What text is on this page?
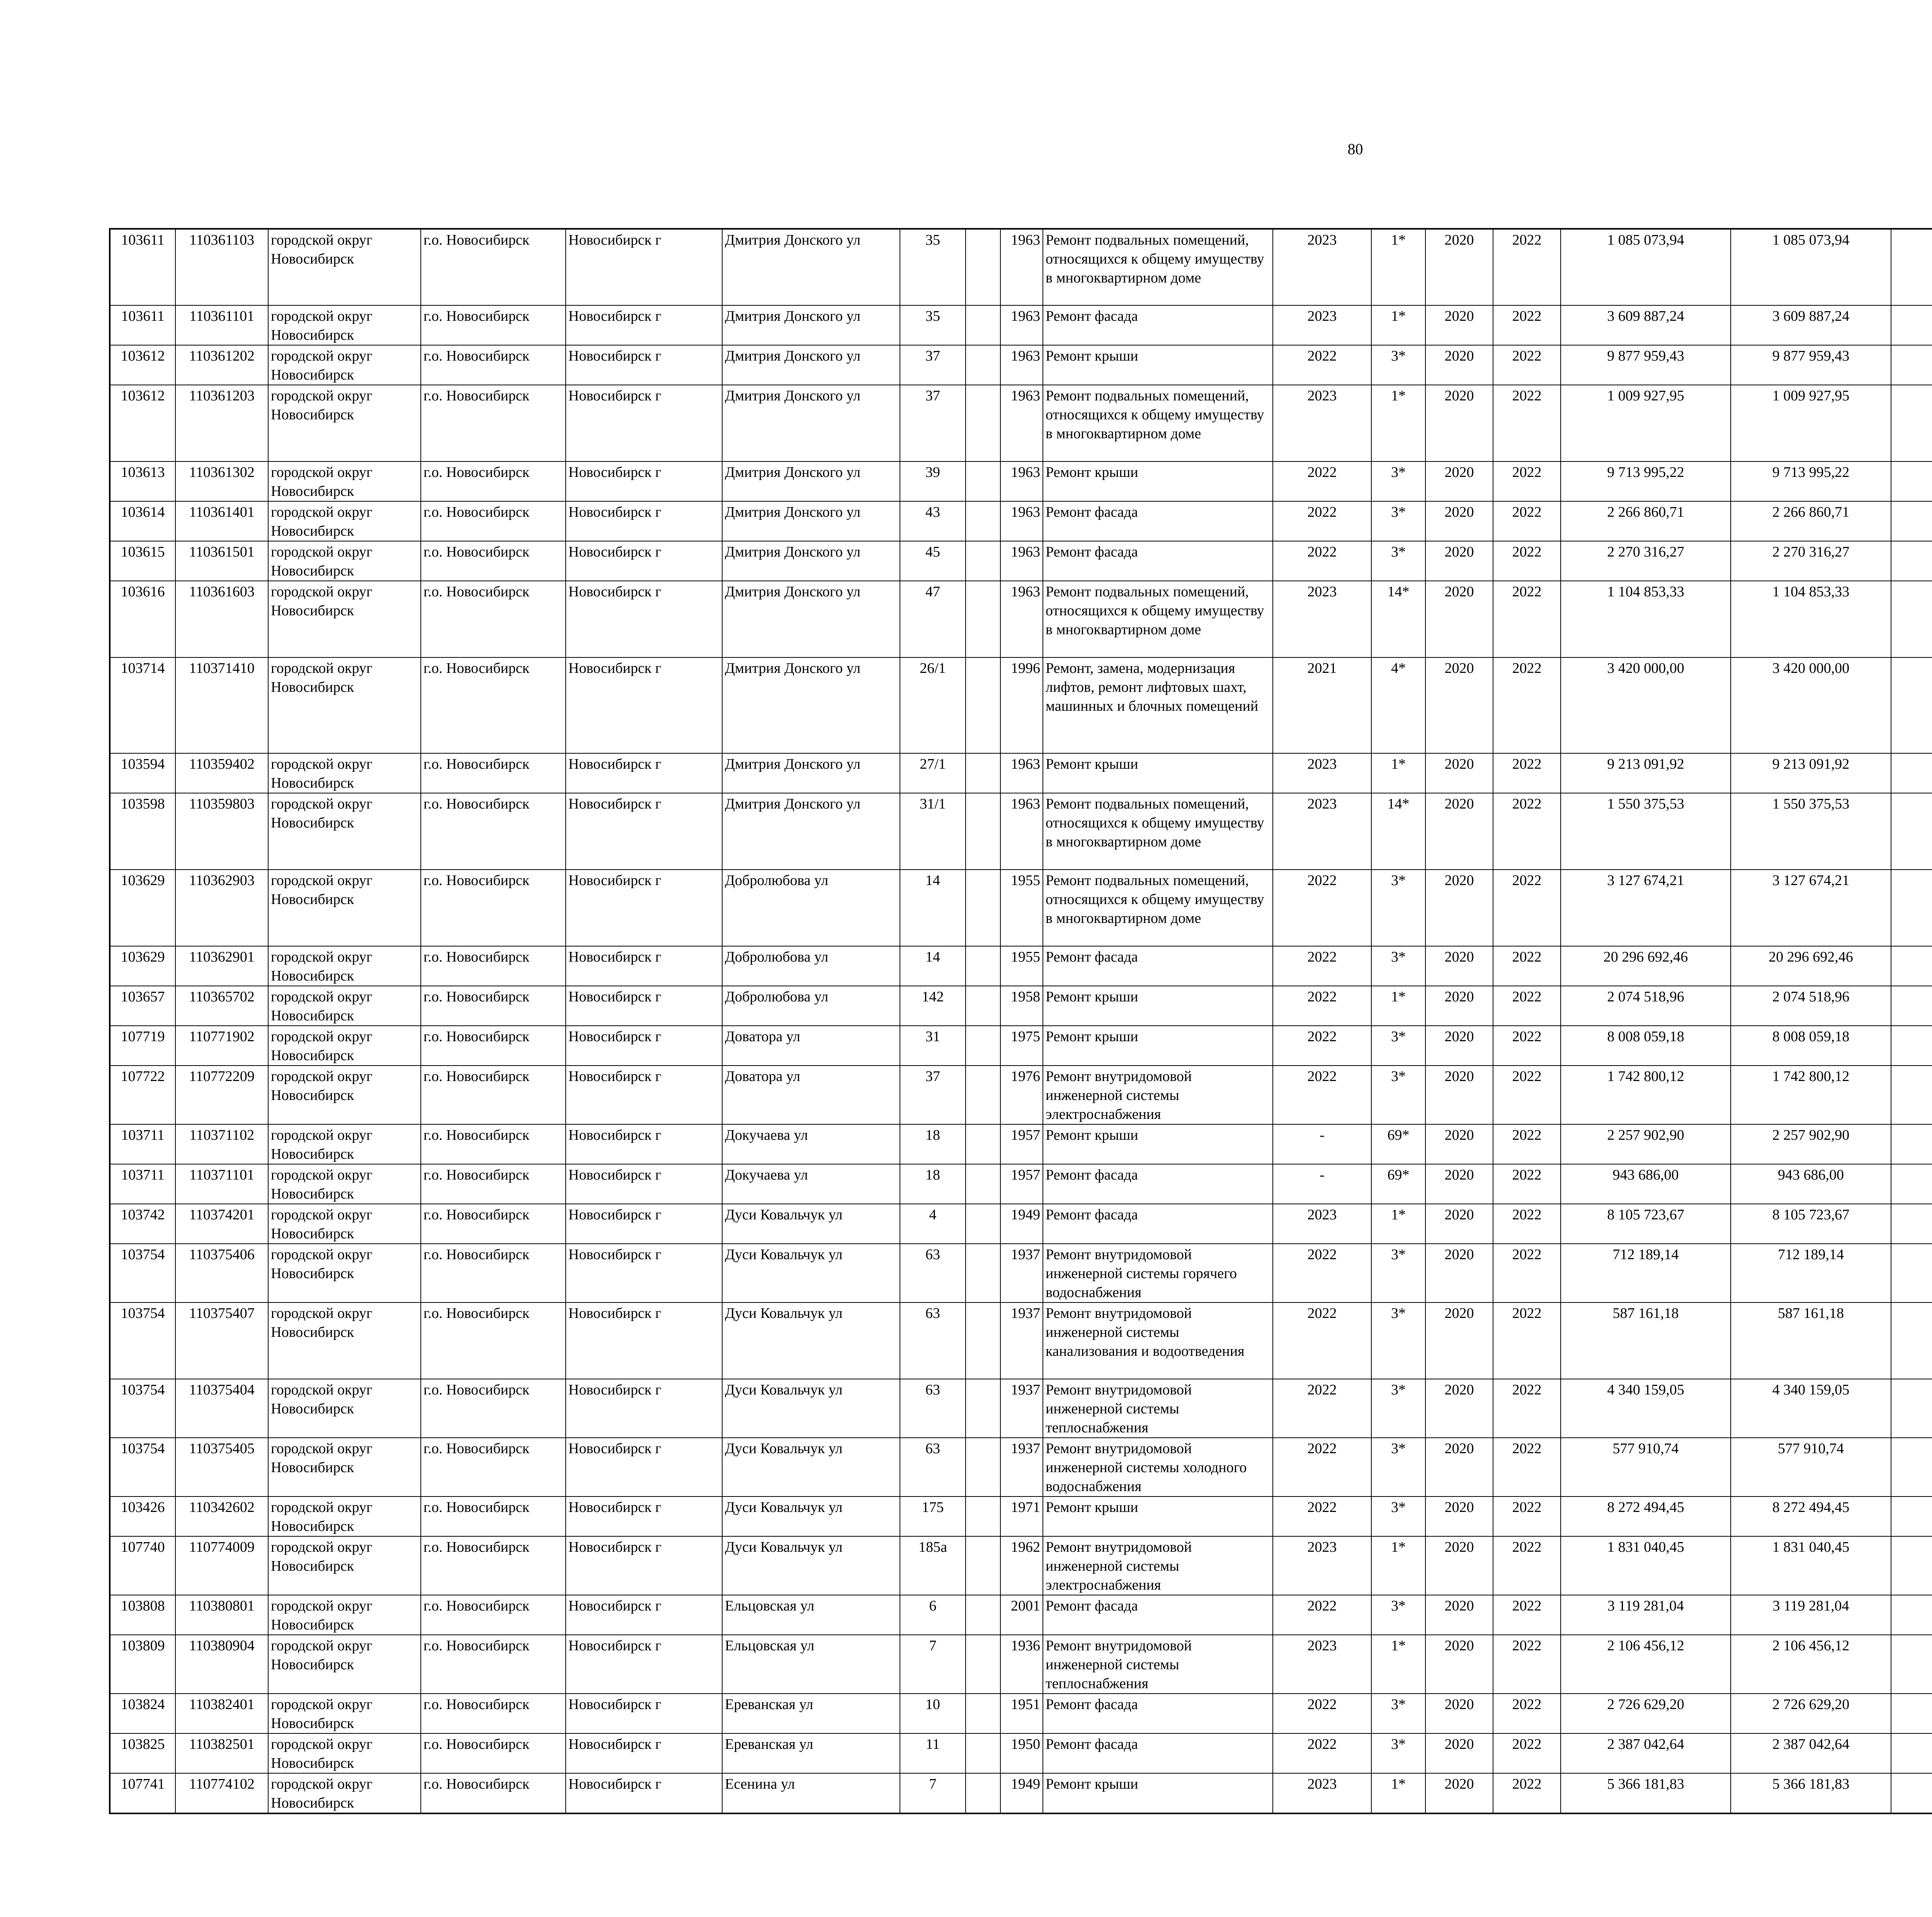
80
103611	110361103	городской округ Новосибирск	г.о. Новосибирск	Новосибирск г	Дмитрия Донского ул	35		1963	Ремонт подвальных помещений, относящихся к общему имуществу в многоквартирном доме	2023	1*	2020	2022	1 085 073,94	1 085 073,94						
103611	110361101	городской округ Новосибирск	г.о. Новосибирск	Новосибирск г	Дмитрия Донского ул	35		1963	Ремонт фасада	2023	1*	2020	2022	3 609 887,24	3 609 887,24						
103612	110361202	городской округ Новосибирск	г.о. Новосибирск	Новосибирск г	Дмитрия Донского ул	37		1963	Ремонт крыши	2022	3*	2020	2022	9 877 959,43	9 877 959,43						
103612	110361203	городской округ Новосибирск	г.о. Новосибирск	Новосибирск г	Дмитрия Донского ул	37		1963	Ремонт подвальных помещений, относящихся к общему имуществу в многоквартирном доме	2023	1*	2020	2022	1 009 927,95	1 009 927,95						
103613	110361302	городской округ Новосибирск	г.о. Новосибирск	Новосибирск г	Дмитрия Донского ул	39		1963	Ремонт крыши	2022	3*	2020	2022	9 713 995,22	9 713 995,22						
103614	110361401	городской округ Новосибирск	г.о. Новосибирск	Новосибирск г	Дмитрия Донского ул	43		1963	Ремонт фасада	2022	3*	2020	2022	2 266 860,71	2 266 860,71						
103615	110361501	городской округ Новосибирск	г.о. Новосибирск	Новосибирск г	Дмитрия Донского ул	45		1963	Ремонт фасада	2022	3*	2020	2022	2 270 316,27	2 270 316,27						
103616	110361603	городской округ Новосибирск	г.о. Новосибирск	Новосибирск г	Дмитрия Донского ул	47		1963	Ремонт подвальных помещений, относящихся к общему имуществу в многоквартирном доме	2023	14*	2020	2022	1 104 853,33	1 104 853,33						
103714	110371410	городской округ Новосибирск	г.о. Новосибирск	Новосибирск г	Дмитрия Донского ул	26/1		1996	Ремонт, замена, модернизация лифтов, ремонт лифтовых шахт, машинных и блочных помещений	2021	4*	2020	2022	3 420 000,00	3 420 000,00						
103594	110359402	городской округ Новосибирск	г.о. Новосибирск	Новосибирск г	Дмитрия Донского ул	27/1		1963	Ремонт крыши	2023	1*	2020	2022	9 213 091,92	9 213 091,92						
103598	110359803	городской округ Новосибирск	г.о. Новосибирск	Новосибирск г	Дмитрия Донского ул	31/1		1963	Ремонт подвальных помещений, относящихся к общему имуществу в многоквартирном доме	2023	14*	2020	2022	1 550 375,53	1 550 375,53						
103629	110362903	городской округ Новосибирск	г.о. Новосибирск	Новосибирск г	Добролюбова ул	14		1955	Ремонт подвальных помещений, относящихся к общему имуществу в многоквартирном доме	2022	3*	2020	2022	3 127 674,21	3 127 674,21						
103629	110362901	городской округ Новосибирск	г.о. Новосибирск	Новосибирск г	Добролюбова ул	14		1955	Ремонт фасада	2022	3*	2020	2022	20 296 692,46	20 296 692,46						
103657	110365702	городской округ Новосибирск	г.о. Новосибирск	Новосибирск г	Добролюбова ул	142		1958	Ремонт крыши	2022	1*	2020	2022	2 074 518,96	2 074 518,96						
107719	110771902	городской округ Новосибирск	г.о. Новосибирск	Новосибирск г	Доватора ул	31		1975	Ремонт крыши	2022	3*	2020	2022	8 008 059,18	8 008 059,18						
107722	110772209	городской округ Новосибирск	г.о. Новосибирск	Новосибирск г	Доватора ул	37		1976	Ремонт внутридомовой инженерной системы электроснабжения	2022	3*	2020	2022	1 742 800,12	1 742 800,12						
103711	110371102	городской округ Новосибирск	г.о. Новосибирск	Новосибирск г	Докучаева ул	18		1957	Ремонт крыши	-	69*	2020	2022	2 257 902,90	2 257 902,90						
103711	110371101	городской округ Новосибирск	г.о. Новосибирск	Новосибирск г	Докучаева ул	18		1957	Ремонт фасада	-	69*	2020	2022	943 686,00	943 686,00						
103742	110374201	городской округ Новосибирск	г.о. Новосибирск	Новосибирск г	Дуси Ковальчук ул	4		1949	Ремонт фасада	2023	1*	2020	2022	8 105 723,67	8 105 723,67						
103754	110375406	городской округ Новосибирск	г.о. Новосибирск	Новосибирск г	Дуси Ковальчук ул	63		1937	Ремонт внутридомовой инженерной системы горячего водоснабжения	2022	3*	2020	2022	712 189,14	712 189,14						
103754	110375407	городской округ Новосибирск	г.о. Новосибирск	Новосибирск г	Дуси Ковальчук ул	63		1937	Ремонт внутридомовой инженерной системы канализования и водоотведения	2022	3*	2020	2022	587 161,18	587 161,18						
103754	110375404	городской округ Новосибирск	г.о. Новосибирск	Новосибирск г	Дуси Ковальчук ул	63		1937	Ремонт внутридомовой инженерной системы теплоснабжения	2022	3*	2020	2022	4 340 159,05	4 340 159,05						
103754	110375405	городской округ Новосибирск	г.о. Новосибирск	Новосибирск г	Дуси Ковальчук ул	63		1937	Ремонт внутридомовой инженерной системы холодного водоснабжения	2022	3*	2020	2022	577 910,74	577 910,74						
103426	110342602	городской округ Новосибирск	г.о. Новосибирск	Новосибирск г	Дуси Ковальчук ул	175		1971	Ремонт крыши	2022	3*	2020	2022	8 272 494,45	8 272 494,45						
107740	110774009	городской округ Новосибирск	г.о. Новосибирск	Новосибирск г	Дуси Ковальчук ул	185а		1962	Ремонт внутридомовой инженерной системы электроснабжения	2023	1*	2020	2022	1 831 040,45	1 831 040,45						
103808	110380801	городской округ Новосибирск	г.о. Новосибирск	Новосибирск г	Ельцовская ул	6		2001	Ремонт фасада	2022	3*	2020	2022	3 119 281,04	3 119 281,04						
103809	110380904	городской округ Новосибирск	г.о. Новосибирск	Новосибирск г	Ельцовская ул	7		1936	Ремонт внутридомовой инженерной системы теплоснабжения	2023	1*	2020	2022	2 106 456,12	2 106 456,12						
103824	110382401	городской округ Новосибирск	г.о. Новосибирск	Новосибирск г	Ереванская ул	10		1951	Ремонт фасада	2022	3*	2020	2022	2 726 629,20	2 726 629,20						
103825	110382501	городской округ Новосибирск	г.о. Новосибирск	Новосибирск г	Ереванская ул	11		1950	Ремонт фасада	2022	3*	2020	2022	2 387 042,64	2 387 042,64						
107741	110774102	городской округ Новосибирск	г.о. Новосибирск	Новосибирск г	Есенина ул	7		1949	Ремонт крыши	2023	1*	2020	2022	5 366 181,83	5 366 181,83						
